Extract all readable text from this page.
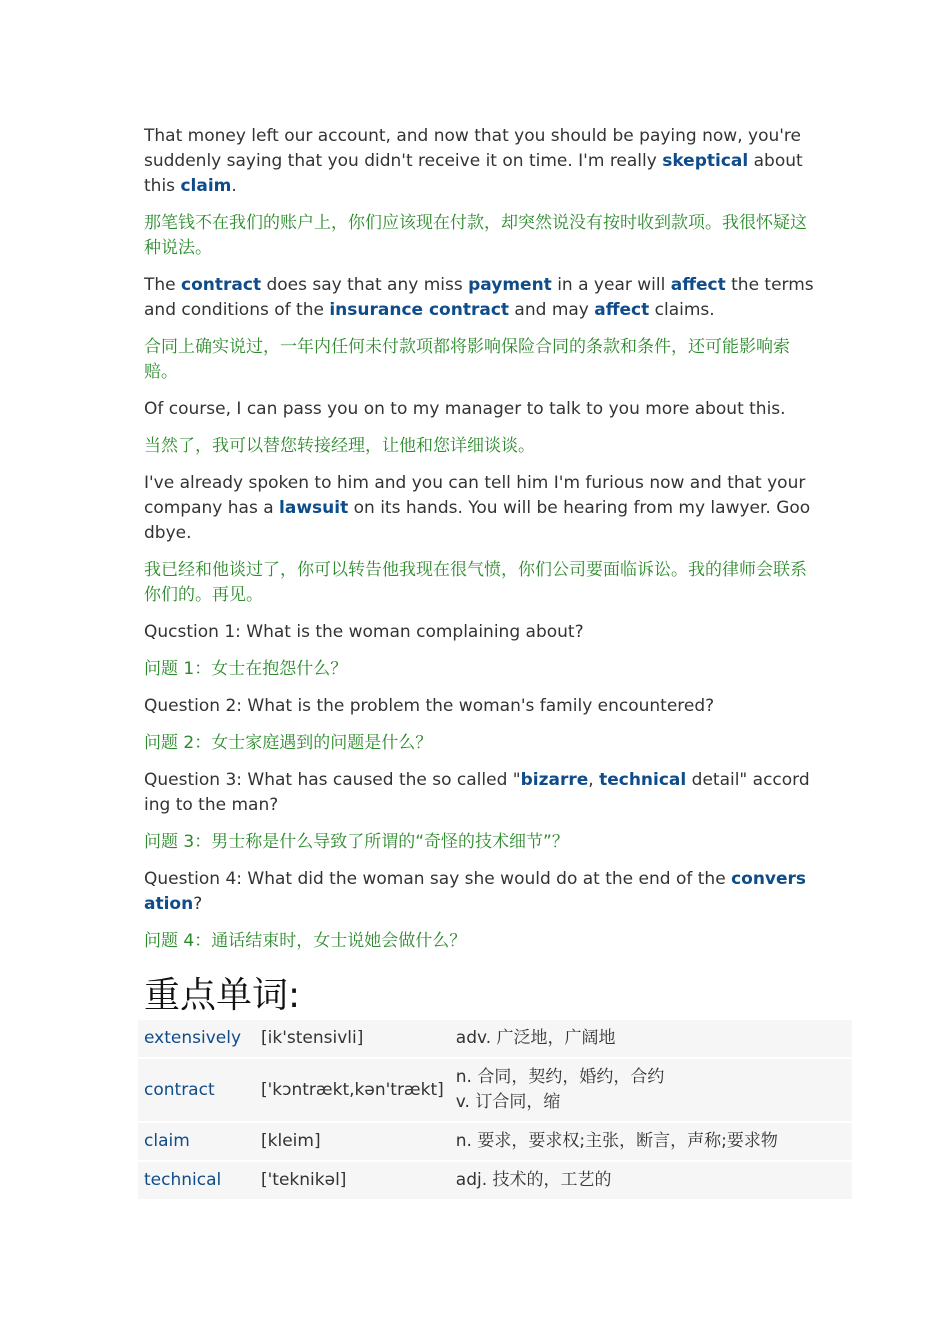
That money left our account, and now that you should be paying now, you're suddenly saying that you didn't receive it on time. I'm really skeptical about this claim.

那笔钱不在我们的账户上，你们应该现在付款，却突然说没有按时收到款项。我很怀疑这种说法。

The contract does say that any miss payment in a year will affect the terms and conditions of the insurance contract and may affect claims.

合同上确实说过，一年内任何未付款项都将影响保险合同的条款和条件，还可能影响索赔。

Of course, I can pass you on to my manager to talk to you more about this.

当然了，我可以替您转接经理，让他和您详细谈谈。

I've already spoken to him and you can tell him I'm furious now and that your company has a lawsuit on its hands. You will be hearing from my lawyer. Goodbye.

我已经和他谈过了，你可以转告他我现在很气愤，你们公司要面临诉讼。我的律师会联系你们的。再见。

Qucstion 1: What is the woman complaining about?

问题 1：女士在抱怨什么？

Question 2: What is the problem the woman's family encountered?

问题 2：女士家庭遇到的问题是什么？

Question 3: What has caused the so called "bizarre, technical detail" according to the man?

问题 3：男士称是什么导致了所谓的“奇怪的技术细节”？

Question 4: What did the woman say she would do at the end of the conversation?

问题 4：通话结束时，女士说她会做什么？

重点单词:
extensively	[ik'stensivli]	adv. 广泛地，广阔地

contract	['kɔntrækt,kən'trækt]	n. 合同，契约，婚约，合约
v. 订合同，缩

claim	[kleim]	n. 要求，要求权;主张，断言，声称;要求物

technical	['teknikəl]	adj. 技术的，工艺的
